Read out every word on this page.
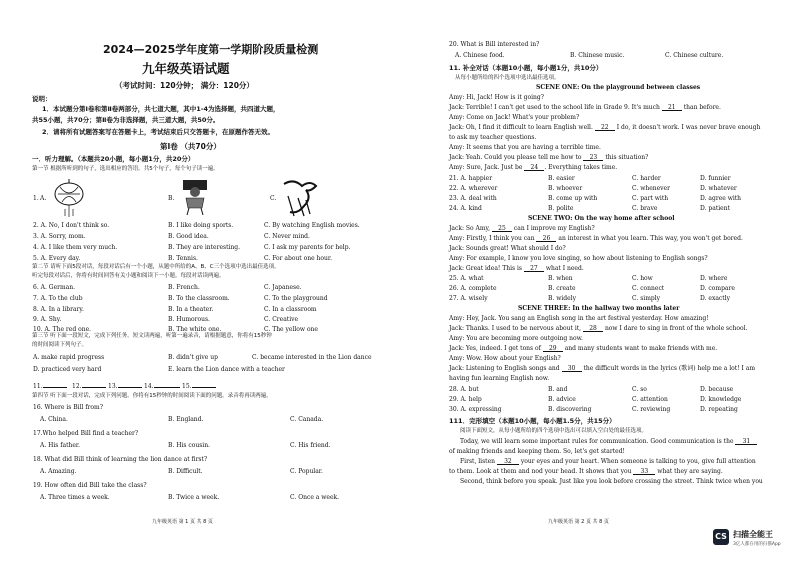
2024—2025学年度第一学期阶段质量检测
九年级英语试题
（考试时间：120分钟； 满分：120分）
说明：
1．本试题分第Ⅰ卷和第Ⅱ卷两部分，共七道大题，其中1-4为选择题，共四道大题，
共55小题，共70分；第Ⅱ卷为非选择题，共三道大题，共50分。
2．请将所有试题答案写在答题卡上，考试结束后只交答题卡，在原题作答无效。
第Ⅰ卷 （共70分）
一．听力理解。（本题共20小题，每小题1分，共20分）
第一节 根据所听到的句子，选出相应的答语。共5个句子，每个句子读一遍。
1. A.	B.	C.
2. A. No, I don't think so.	B. I like doing sports.	C. By watching English movies.
3. A. Sorry, mom.	B. Good idea.	C. Never mind.
4. A. I like them very much.	B. They are interesting.	C. I ask my parents for help.
5. A. Every day.	B. Tennis.	C. For about one hour.
6. A. German.	B. French.	C. Japanese.
7. A. To the club	B. To the classroom.	C. To the playground
8. A. In a library.	B. In a theater.	C. In a classroom
9. A. Shy.	B. Humorous.	C. Creative
10. A. The red one.	B. The white one.	C. The yellow one
第二节 请听下面5段对话，每段对话后有一个小题，从题中所给的A、B、C三个选项中选出最佳选项。
听完每段对话后，你将有时间回答有关小题和阅读下一小题。每段对话读两遍。
第三节 听下面一段短文，完成下列任务。短文读两遍，听第一遍录音，请根据题意，你将有15秒钟
的时间阅读下列句子。
A. make rapid progress	B. didn't give up	C. became interested in the Lion dance
D. practiced very hard	E. learn the Lion dance with a teacher
11.	12.	13.	14.	15.
第四节 听下面一段对话，完成下列问题。你将有15秒钟的时间阅读下面的问题。录音将再读两遍。
16. Where is Bill from?
A. China.	B. England.	C. Canada.
17.Who helped Bill find a teacher?
A. His father.	B. His cousin.	C. His friend.
18. What did Bill think of learning the lion dance at first?
A. Amazing.	B. Difficult.	C. Popular.
19. How often did Bill take the class?
A. Three times a week.	B. Twice a week.	C. Once a week.
九年级英语 第 1 页 共 8 页
20. What is Bill interested in?
A. Chinese food.	B. Chinese music.	C. Chinese culture.
11. 补全对话（本题10小题，每小题1分，共10分）
从每小题所给的四个选项中选出最佳选项。
SCENE ONE: On the playground between classes
Amy: Hi, Jack! How is it going?
Jack: Terrible! I can't get used to the school life in Grade 9. It's much 21 than before.
Amy: Come on Jack! What's your problem?
Jack: Oh, I find it difficult to learn English well. 22 I do, it doesn't work. I was never brave enough
to ask my teacher questions.
Amy: It seems that you are having a terrible time.
Jack: Yeah. Could you please tell me how to 23 this situation?
Amy: Sure, Jack. Just be 24 . Everything takes time.
21. A. happier	B. easier	C. harder	D. funnier
22. A. wherever	B. whoever	C. whenever	D. whatever
23. A. deal with	B. come up with	C. part with	D. agree with
24. A. kind	B. polite	C. brave	D. patient
SCENE TWO: On the way home after school
Jack: So Amy, 25 can I improve my English?
Amy: Firstly, I think you can 26 an interest in what you learn. This way, you won't get bored.
Jack: Sounds great! What should I do?
Amy: For example, I know you love singing, so how about listening to English songs?
Jack: Great idea! This is 27 what I need.
25. A. what	B. when	C. how	D. where
26. A. complete	B. create	C. connect	D. compare
27. A. wisely	B. widely	C. simply	D. exactly
SCENE THREE: In the hallway two months later
Amy: Hey, Jack. You sang an English song in the art festival yesterday. How amazing!
Jack: Thanks. I used to be nervous about it, 28 now I dare to sing in front of the whole school.
Amy: You are becoming more outgoing now.
Jack: Yes, indeed. I get tons of 29 and many students want to make friends with me.
Amy: Wow. How about your English?
Jack: Listening to English songs and 30 the difficult words in the lyrics (歌词) help me a lot! I am
having fun learning English now.
28. A. but	B. and	C. so	D. because
29. A. help	B. advice	C. attention	D. knowledge
30. A. expressing	B. discovering	C. reviewing	D. repeating
111．完形填空（本题10小题，每小题1.5分，共15分）
阅读下面短文，从每小题所给的四个选项中选出可以填入空白处的最佳选项。
Today, we will learn some important rules for communication. Good communication is the 31
of making friends and keeping them. So, let's get started!
First, listen 32 your eyes and your heart. When someone is talking to you, give full attention
to them. Look at them and nod your head. It shows that you 33 what they are saying.
Second, think before you speak. Just like you look before crossing the street. Think twice when you
九年级英语 第 2 页 共 8 页
CS 扫描全能王
3亿人都在用的扫描App
